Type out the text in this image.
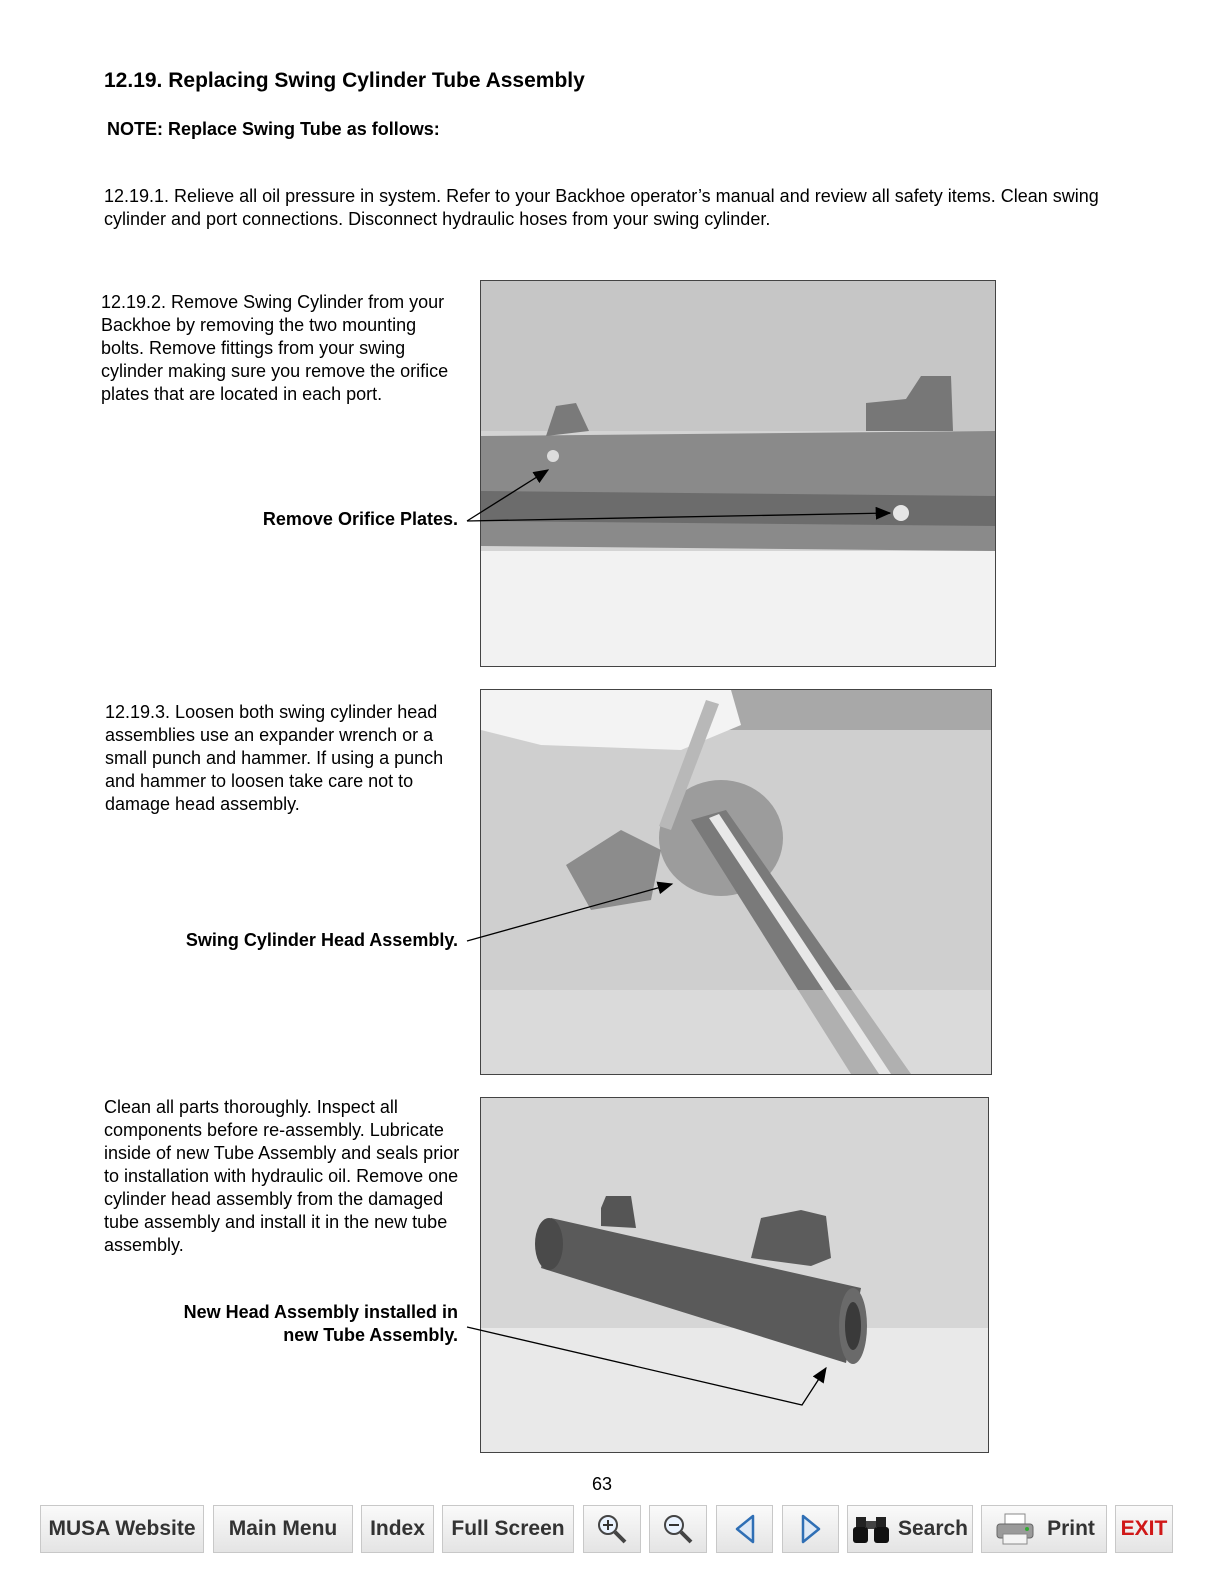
12.19. Replacing Swing Cylinder Tube Assembly
NOTE: Replace Swing Tube as follows:
12.19.1. Relieve all oil pressure in system. Refer to your Backhoe operator’s manual and review all safety items. Clean swing cylinder and port connections. Disconnect hydraulic hoses from your swing cylinder.
12.19.2. Remove Swing Cylinder from your Backhoe by removing the two mounting bolts. Remove fittings from your swing cylinder making sure you remove the orifice plates that are located in each port.
12.19.3. Loosen both swing cylinder head assemblies use an expander wrench or a small punch and hammer. If using a punch and hammer to loosen take care not to damage head assembly.
Clean all parts thoroughly. Inspect all components before re-assembly. Lubricate inside of new Tube Assembly and seals prior to installation with hydraulic oil. Remove one cylinder head assembly from the damaged tube assembly and install it in the new tube assembly.
Remove Orifice Plates.
Swing Cylinder Head Assembly.
New Head Assembly installed in
new Tube Assembly.
63
MUSA Website	Main Menu	Index	Full Screen	Search	Print EXIT
